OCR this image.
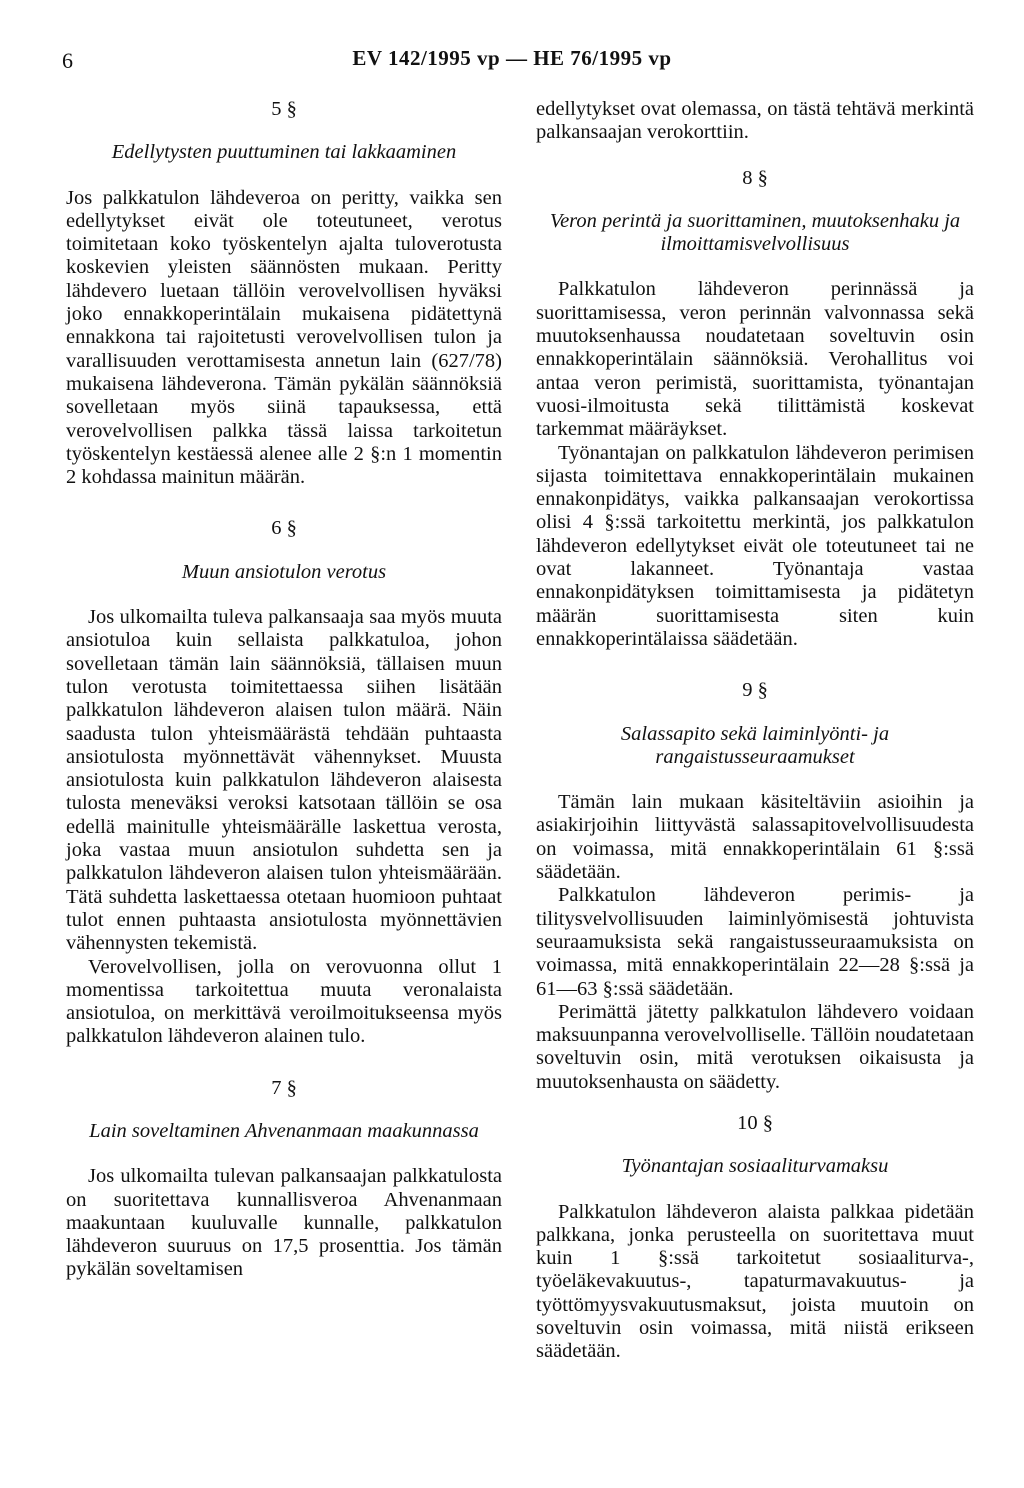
6	EV 142/1995 vp — HE 76/1995 vp
5 §
Edellytysten puuttuminen tai lakkaaminen

Jos palkkatulon lähdeveroa on peritty, vaikka sen edellytykset eivät ole toteutuneet, verotus toimitetaan koko työskentelyn ajalta tuloverotusta koskevien yleisten säännösten mukaan. Peritty lähdevero luetaan tällöin verovelvollisen hyväksi joko ennakkoperintälain mukaisena pidätettynä ennakkona tai rajoitetusti verovelvollisen tulon ja varallisuuden verottamisesta annetun lain (627/78) mukaisena lähdeverona. Tämän pykälän säännöksiä sovelletaan myös siinä tapauksessa, että verovelvollisen palkka tässä laissa tarkoitetun työskentelyn kestäessä alenee alle 2 §:n 1 momentin 2 kohdassa mainitun määrän.

6 §
Muun ansiotulon verotus

Jos ulkomailta tuleva palkansaaja saa myös muuta ansiotuloa kuin sellaista palkkatuloa, johon sovelletaan tämän lain säännöksiä, tällaisen muun tulon verotusta toimitettaessa siihen lisätään palkkatulon lähdeveron alaisen tulon määrä. Näin saadusta tulon yhteismäärästä tehdään puhtaasta ansiotulosta myönnettävät vähennykset. Muusta ansiotulosta kuin palkkatulon lähdeveron alaisesta tulosta meneväksi veroksi katsotaan tällöin se osa edellä mainitulle yhteismäärälle laskettua verosta, joka vastaa muun ansiotulon suhdetta sen ja palkkatulon lähdeveron alaisen tulon yhteismäärään. Tätä suhdetta laskettaessa otetaan huomioon puhtaat tulot ennen puhtaasta ansiotulosta myönnettävien vähennysten tekemistä.

Verovelvollisen, jolla on verovuonna ollut 1 momentissa tarkoitettua muuta veronalaista ansiotuloa, on merkittävä veroilmoitukseensa myös palkkatulon lähdeveron alainen tulo.

7 §
Lain soveltaminen Ahvenanmaan maakunnassa

Jos ulkomailta tulevan palkansaajan palkkatulosta on suoritettava kunnallisveroa Ahvenanmaan maakuntaan kuuluvalle kunnalle, palkkatulon lähdeveron suuruus on 17,5 prosenttia. Jos tämän pykälän soveltamisen

edellytykset ovat olemassa, on tästä tehtävä merkintä palkansaajan verokorttiin.

8 §
Veron perintä ja suorittaminen, muutoksenhaku ja ilmoittamisvelvollisuus

Palkkatulon lähdeveron perinnässä ja suorittamisessa, veron perinnän valvonnassa sekä muutoksenhaussa noudatetaan soveltuvin osin ennakkoperintälain säännöksiä. Verohallitus voi antaa veron perimistä, suorittamista, työnantajan vuosi-ilmoitusta sekä tilittämistä koskevat tarkemmat määräykset.

Työnantajan on palkkatulon lähdeveron perimisen sijasta toimitettava ennakkoperintälain mukainen ennakonpidätys, vaikka palkansaajan verokortissa olisi 4 §:ssä tarkoitettu merkintä, jos palkkatulon lähdeveron edellytykset eivät ole toteutuneet tai ne ovat lakanneet. Työnantaja vastaa ennakonpidätyksen toimittamisesta ja pidätetyn määrän suorittamisesta siten kuin ennakkoperintälaissa säädetään.

9 §
Salassapito sekä laiminlyönti- ja rangaistusseuraamukset

Tämän lain mukaan käsiteltäviin asioihin ja asiakirjoihin liittyvästä salassapitovelvollisuudesta on voimassa, mitä ennakkoperintälain 61 §:ssä säädetään.

Palkkatulon lähdeveron perimis- ja tilitysvelvollisuuden laiminlyömisestä johtuvista seuraamuksista sekä rangaistusseuraamuksista on voimassa, mitä ennakkoperintälain 22—28 §:ssä ja 61—63 §:ssä säädetään.

Perimättä jätetty palkkatulon lähdevero voidaan maksuunpanna verovelvolliselle. Tällöin noudatetaan soveltuvin osin, mitä verotuksen oikaisusta ja muutoksenhausta on säädetty.

10 §
Työnantajan sosiaaliturvamaksu

Palkkatulon lähdeveron alaista palkkaa pidetään palkkana, jonka perusteella on suoritettava muut kuin 1 §:ssä tarkoitetut sosiaaliturva-, työeläkevakuutus-, tapaturmavakuutus- ja työttömyysvakuutusmaksut, joista muutoin on soveltuvin osin voimassa, mitä niistä erikseen säädetään.
